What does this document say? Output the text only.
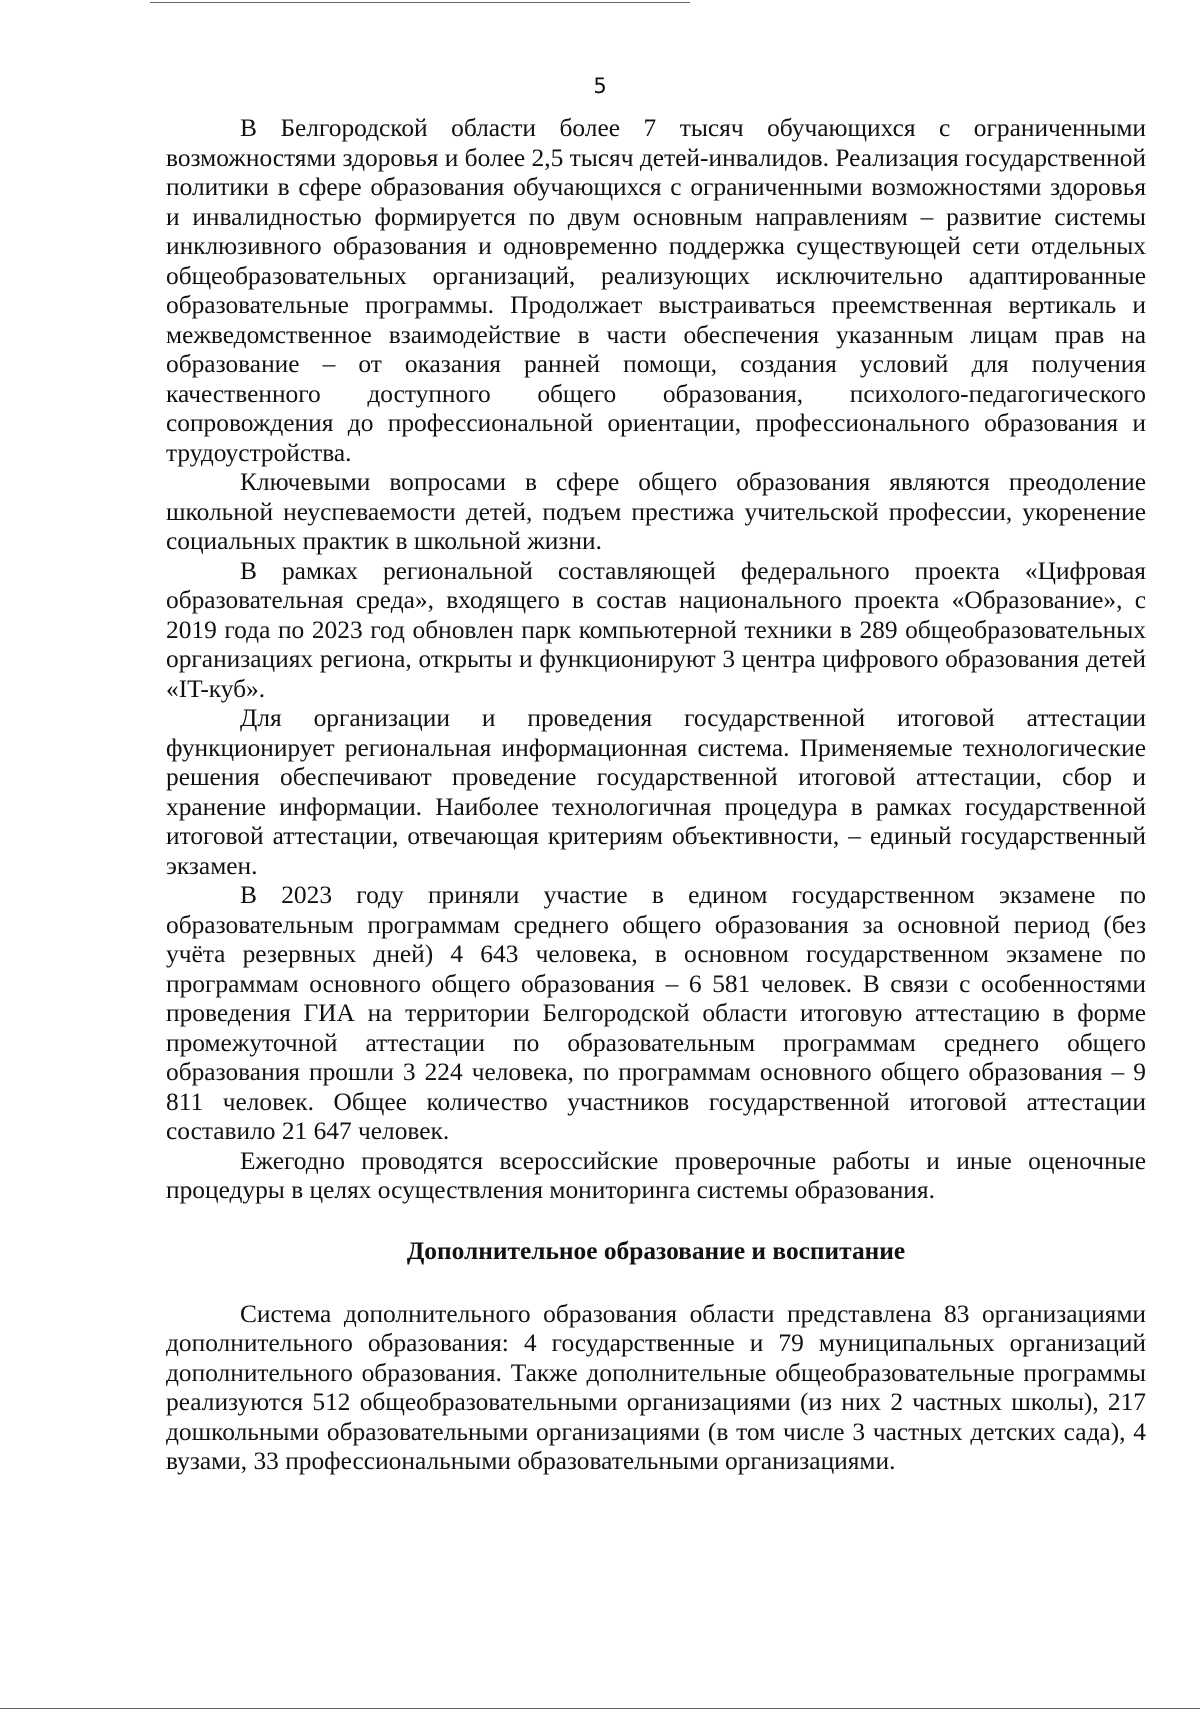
5

В Белгородской области более 7 тысяч обучающихся с ограниченными возможностями здоровья и более 2,5 тысяч детей-инвалидов. Реализация государственной политики в сфере образования обучающихся с ограниченными возможностями здоровья и инвалидностью формируется по двум основным направлениям – развитие системы инклюзивного образования и одновременно поддержка существующей сети отдельных общеобразовательных организаций, реализующих исключительно адаптированные образовательные программы. Продолжает выстраиваться преемственная вертикаль и межведомственное взаимодействие в части обеспечения указанным лицам прав на образование – от оказания ранней помощи, создания условий для получения качественного доступного общего образования, психолого-педагогического сопровождения до профессиональной ориентации, профессионального образования и трудоустройства.

Ключевыми вопросами в сфере общего образования являются преодоление школьной неуспеваемости детей, подъем престижа учительской профессии, укоренение социальных практик в школьной жизни.

В рамках региональной составляющей федерального проекта «Цифровая образовательная среда», входящего в состав национального проекта «Образование», с 2019 года по 2023 год обновлен парк компьютерной техники в 289 общеобразовательных организациях региона, открыты и функционируют 3 центра цифрового образования детей «IT-куб».

Для организации и проведения государственной итоговой аттестации функционирует региональная информационная система. Применяемые технологические решения обеспечивают проведение государственной итоговой аттестации, сбор и хранение информации. Наиболее технологичная процедура в рамках государственной итоговой аттестации, отвечающая критериям объективности, – единый государственный экзамен.

В 2023 году приняли участие в едином государственном экзамене по образовательным программам среднего общего образования за основной период (без учёта резервных дней) 4 643 человека, в основном государственном экзамене по программам основного общего образования – 6 581 человек. В связи с особенностями проведения ГИА на территории Белгородской области итоговую аттестацию в форме промежуточной аттестации по образовательным программам среднего общего образования прошли 3 224 человека, по программам основного общего образования – 9 811 человек. Общее количество участников государственной итоговой аттестации составило 21 647 человек.

Ежегодно проводятся всероссийские проверочные работы и иные оценочные процедуры в целях осуществления мониторинга системы образования.

Дополнительное образование и воспитание

Система дополнительного образования области представлена 83 организациями дополнительного образования: 4 государственные и 79 муниципальных организаций дополнительного образования. Также дополнительные общеобразовательные программы реализуются 512 общеобразовательными организациями (из них 2 частных школы), 217 дошкольными образовательными организациями (в том числе 3 частных детских сада), 4 вузами, 33 профессиональными образовательными организациями.
